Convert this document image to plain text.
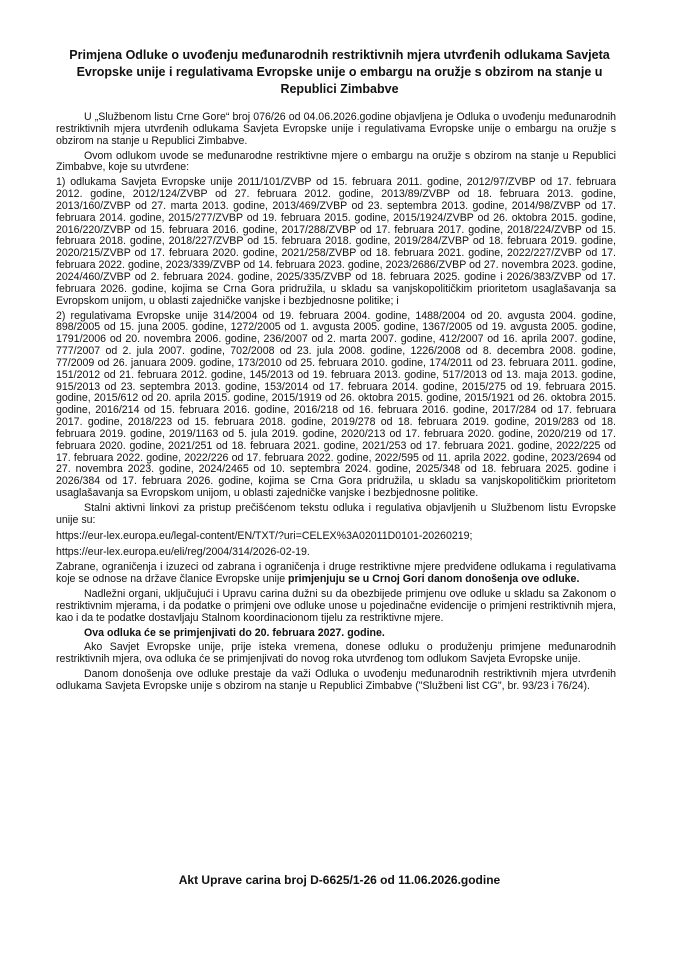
Primjena Odluke o uvođenju međunarodnih restriktivnih mjera utvrđenih odlukama Savjeta Evropske unije i regulativama Evropske unije o embargu na oružje s obzirom na stanje u Republici Zimbabve

U „Službenom listu Crne Gore“ broj 076/26 od 04.06.2026.godine objavljena je Odluka o uvođenju međunarodnih restriktivnih mjera utvrđenih odlukama Savjeta Evropske unije i regulativama Evropske unije o embargu na oružje s obzirom na stanje u Republici Zimbabve.

Ovom odlukom uvode se međunarodne restriktivne mjere o embargu na oružje s obzirom na stanje u Republici Zimbabve, koje su utvrđene:

1) odlukama Savjeta Evropske unije 2011/101/ZVBP od 15. februara 2011. godine, 2012/97/ZVBP od 17. februara 2012. godine, 2012/124/ZVBP od 27. februara 2012. godine, 2013/89/ZVBP od 18. februara 2013. godine, 2013/160/ZVBP od 27. marta 2013. godine, 2013/469/ZVBP od 23. septembra 2013. godine, 2014/98/ZVBP od 17. februara 2014. godine, 2015/277/ZVBP od 19. februara 2015. godine, 2015/1924/ZVBP od 26. oktobra 2015. godine, 2016/220/ZVBP od 15. februara 2016. godine, 2017/288/ZVBP od 17. februara 2017. godine, 2018/224/ZVBP od 15. februara 2018. godine, 2018/227/ZVBP od 15. februara 2018. godine, 2019/284/ZVBP od 18. februara 2019. godine, 2020/215/ZVBP od 17. februara 2020. godine, 2021/258/ZVBP od 18. februara 2021. godine, 2022/227/ZVBP od 17. februara 2022. godine, 2023/339/ZVBP od 14. februara 2023. godine, 2023/2686/ZVBP od 27. novembra 2023. godine, 2024/460/ZVBP od 2. februara 2024. godine, 2025/335/ZVBP od 18. februara 2025. godine i 2026/383/ZVBP od 17. februara 2026. godine, kojima se Crna Gora pridružila, u skladu sa vanjskopolitičkim prioritetom usaglašavanja sa Evropskom unijom, u oblasti zajedničke vanjske i bezbjednosne politike; i

2) regulativama Evropske unije 314/2004 od 19. februara 2004. godine, 1488/2004 od 20. avgusta 2004. godine, 898/2005 od 15. juna 2005. godine, 1272/2005 od 1. avgusta 2005. godine, 1367/2005 od 19. avgusta 2005. godine, 1791/2006 od 20. novembra 2006. godine, 236/2007 od 2. marta 2007. godine, 412/2007 od 16. aprila 2007. godine, 777/2007 od 2. jula 2007. godine, 702/2008 od 23. jula 2008. godine, 1226/2008 od 8. decembra 2008. godine, 77/2009 od 26. januara 2009. godine, 173/2010 od 25. februara 2010. godine, 174/2011 od 23. februara 2011. godine, 151/2012 od 21. februara 2012. godine, 145/2013 od 19. februara 2013. godine, 517/2013 od 13. maja 2013. godine, 915/2013 od 23. septembra 2013. godine, 153/2014 od 17. februara 2014. godine, 2015/275 od 19. februara 2015. godine, 2015/612 od 20. aprila 2015. godine, 2015/1919 od 26. oktobra 2015. godine, 2015/1921 od 26. oktobra 2015. godine, 2016/214 od 15. februara 2016. godine, 2016/218 od 16. februara 2016. godine, 2017/284 od 17. februara 2017. godine, 2018/223 od 15. februara 2018. godine, 2019/278 od 18. februara 2019. godine, 2019/283 od 18. februara 2019. godine, 2019/1163 od 5. jula 2019. godine, 2020/213 od 17. februara 2020. godine, 2020/219 od 17. februara 2020. godine, 2021/251 od 18. februara 2021. godine, 2021/253 od 17. februara 2021. godine, 2022/225 od 17. februara 2022. godine, 2022/226 od 17. februara 2022. godine, 2022/595 od 11. aprila 2022. godine, 2023/2694 od 27. novembra 2023. godine, 2024/2465 od 10. septembra 2024. godine, 2025/348 od 18. februara 2025. godine i 2026/384 od 17. februara 2026. godine, kojima se Crna Gora pridružila, u skladu sa vanjskopolitičkim prioritetom usaglašavanja sa Evropskom unijom, u oblasti zajedničke vanjske i bezbjednosne politike.

Stalni aktivni linkovi za pristup prečišćenom tekstu odluka i regulativa objavljenih u Službenom listu Evropske unije su:

https://eur-lex.europa.eu/legal-content/EN/TXT/?uri=CELEX%3A02011D0101-20260219;

https://eur-lex.europa.eu/eli/reg/2004/314/2026-02-19.

Zabrane, ograničenja i izuzeci od zabrana i ograničenja i druge restriktivne mjere predviđene odlukama i regulativama koje se odnose na države članice Evropske unije primjenjuju se u Crnoj Gori danom donošenja ove odluke.

Nadležni organi, uključujući i Upravu carina dužni su da obezbijede primjenu ove odluke u skladu sa Zakonom o restriktivnim mjerama, i da podatke o primjeni ove odluke unose u pojedinačne evidencije o primjeni restriktivnih mjera, kao i da te podatke dostavljaju Stalnom koordinacionom tijelu za restriktivne mjere.

Ova odluka će se primjenjivati do 20. februara 2027. godine.

Ako Savjet Evropske unije, prije isteka vremena, donese odluku o produženju primjene međunarodnih restriktivnih mjera, ova odluka će se primjenjivati do novog roka utvrđenog tom odlukom Savjeta Evropske unije.

Danom donošenja ove odluke prestaje da važi Odluka o uvođenju međunarodnih restriktivnih mjera utvrđenih odlukama Savjeta Evropske unije s obzirom na stanje u Republici Zimbabve ("Službeni list CG", br. 93/23 i 76/24).

Akt Uprave carina broj D-6625/1-26 od 11.06.2026.godine
